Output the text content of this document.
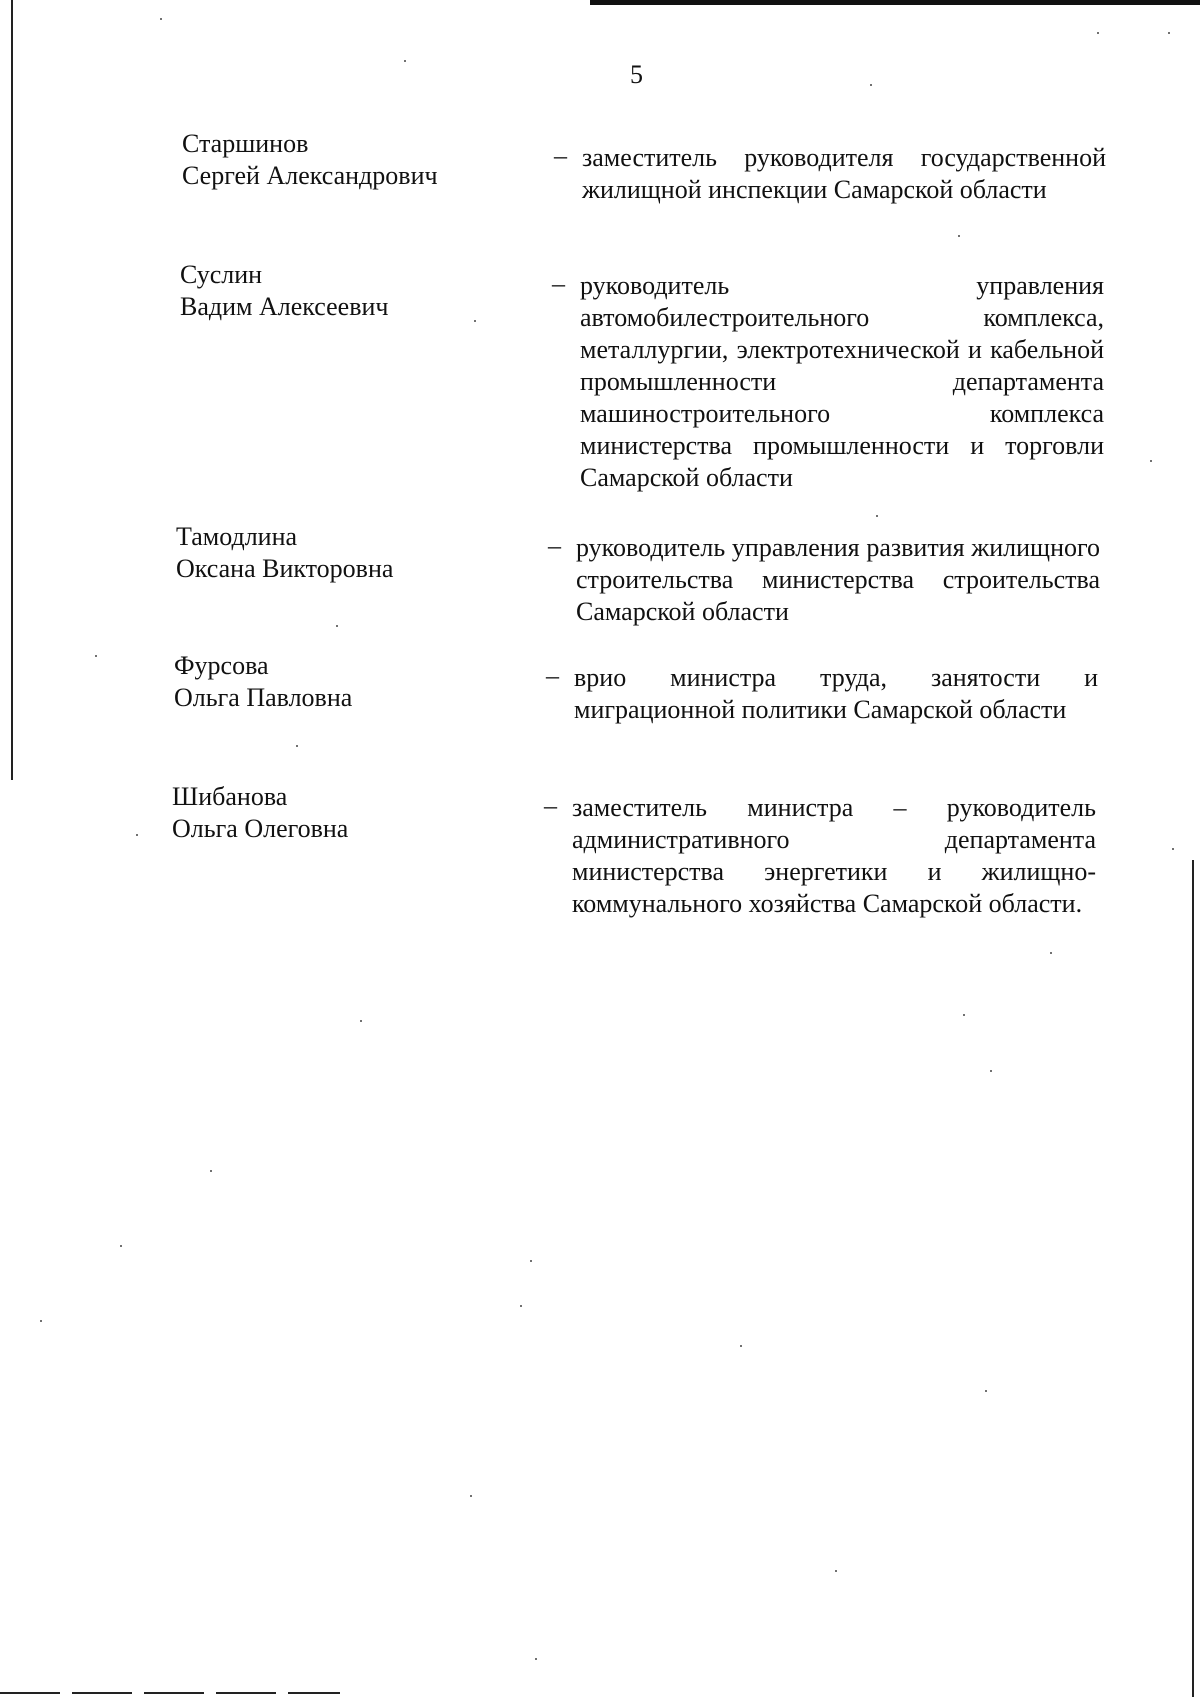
5
Старшинов
Сергей Александрович
– заместитель руководителя государственной жилищной инспекции Самарской области
Суслин
Вадим Алексеевич
– руководитель управления автомобилестроительного комплекса, металлургии, электротехнической и кабельной промышленности департамента машиностроительного комплекса министерства промышленности и торговли Самарской области
Тамодлина
Оксана Викторовна
– руководитель управления развития жилищного строительства министерства строительства Самарской области
Фурсова
Ольга Павловна
– врио министра труда, занятости и миграционной политики Самарской области
Шибанова
Ольга Олеговна
– заместитель министра – руководитель административного департамента министерства энергетики и жилищно-коммунального хозяйства Самарской области.
